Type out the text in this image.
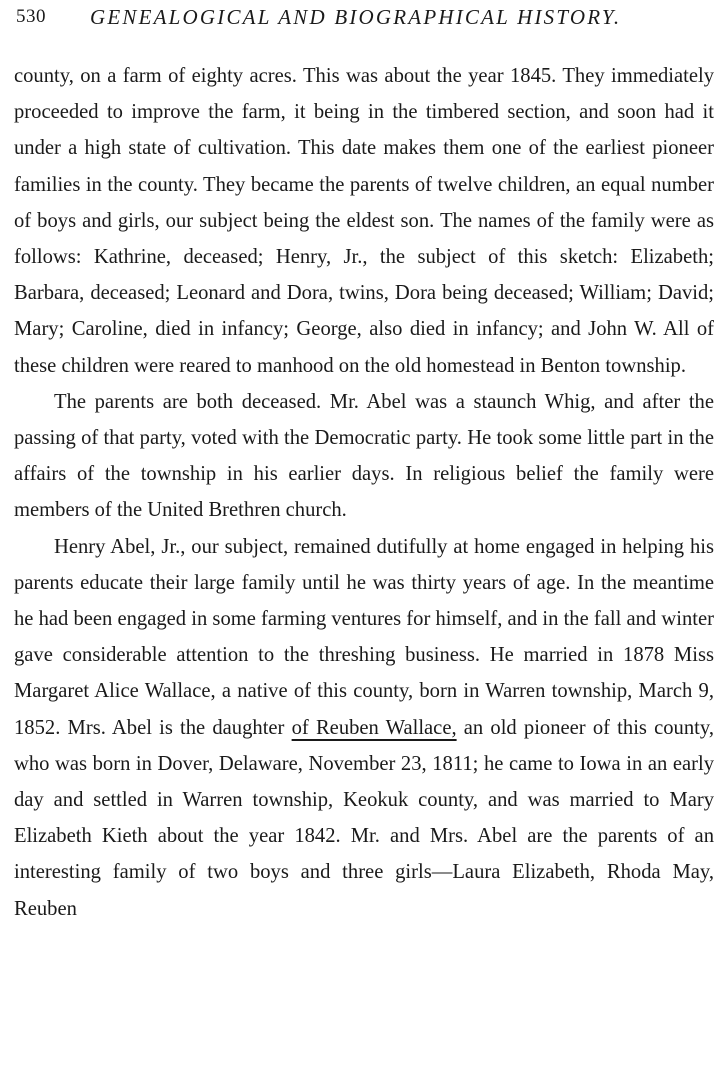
530 GENEALOGICAL AND BIOGRAPHICAL HISTORY.

county, on a farm of eighty acres. This was about the year 1845. They immediately proceeded to improve the farm, it being in the timbered section, and soon had it under a high state of cultivation. This date makes them one of the earliest pioneer families in the county. They became the parents of twelve children, an equal number of boys and girls, our subject being the eldest son. The names of the family were as follows: Kathrine, deceased; Henry, Jr., the subject of this sketch: Elizabeth; Barbara, deceased; Leonard and Dora, twins, Dora being deceased; William; David; Mary; Caroline, died in infancy; George, also died in infancy; and John W. All of these children were reared to manhood on the old homestead in Benton township.

The parents are both deceased. Mr. Abel was a staunch Whig, and after the passing of that party, voted with the Democratic party. He took some little part in the affairs of the township in his earlier days. In religious belief the family were members of the United Brethren church.

Henry Abel, Jr., our subject, remained dutifully at home engaged in helping his parents educate their large family until he was thirty years of age. In the meantime he had been engaged in some farming ventures for himself, and in the fall and winter gave considerable attention to the threshing business. He married in 1878 Miss Margaret Alice Wallace, a native of this county, born in Warren township, March 9, 1852. Mrs. Abel is the daughter of Reuben Wallace, an old pioneer of this county, who was born in Dover, Delaware, November 23, 1811; he came to Iowa in an early day and settled in Warren township, Keokuk county, and was married to Mary Elizabeth Kieth about the year 1842. Mr. and Mrs. Abel are the parents of an interesting family of two boys and three girls—Laura Elizabeth, Rhoda May, Reuben
